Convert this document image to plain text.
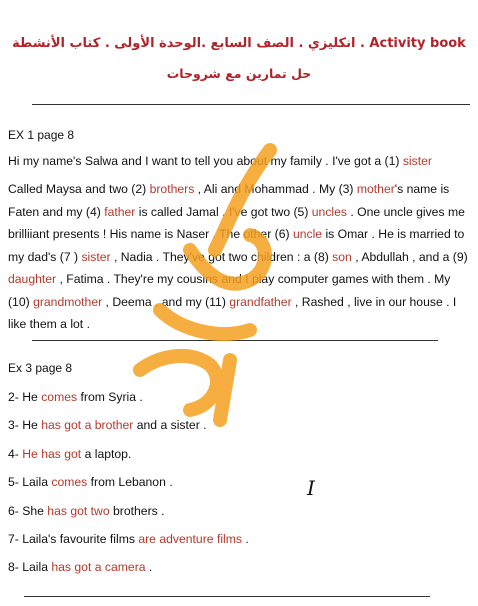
انكليزي . الصف السابع .الوحدة الأولى . كتاب الأنشطة . Activity book
حل تمارين مع شروحات
EX 1 page 8
Hi my name's Salwa and I want to tell you about my family . I've got a (1) sister
Called Maysa and two (2) brothers , Ali and Mohammad . My (3) mother's name is Faten and my (4) father is called Jamal . I've got two (5) uncles . One uncle gives me brilliiant presents ! His name is Naser . The other (6) uncle is Omar . He is married to my dad's (7 ) sister , Nadia . They've got two children : a (8) son , Abdullah , and a (9) daughter , Fatima . They're my cousins and I play computer games with them . My (10) grandmother , Deema , and my (11) grandfather , Rashed , live in our house . I like them a lot .
Ex 3 page 8
2- He comes from Syria .
3- He has got a brother and a sister .
4- He has got a laptop.
5- Laila comes from Lebanon .
6- She has got two brothers .
7- Laila's favourite films are adventure films .
8- Laila has got a camera .
I
